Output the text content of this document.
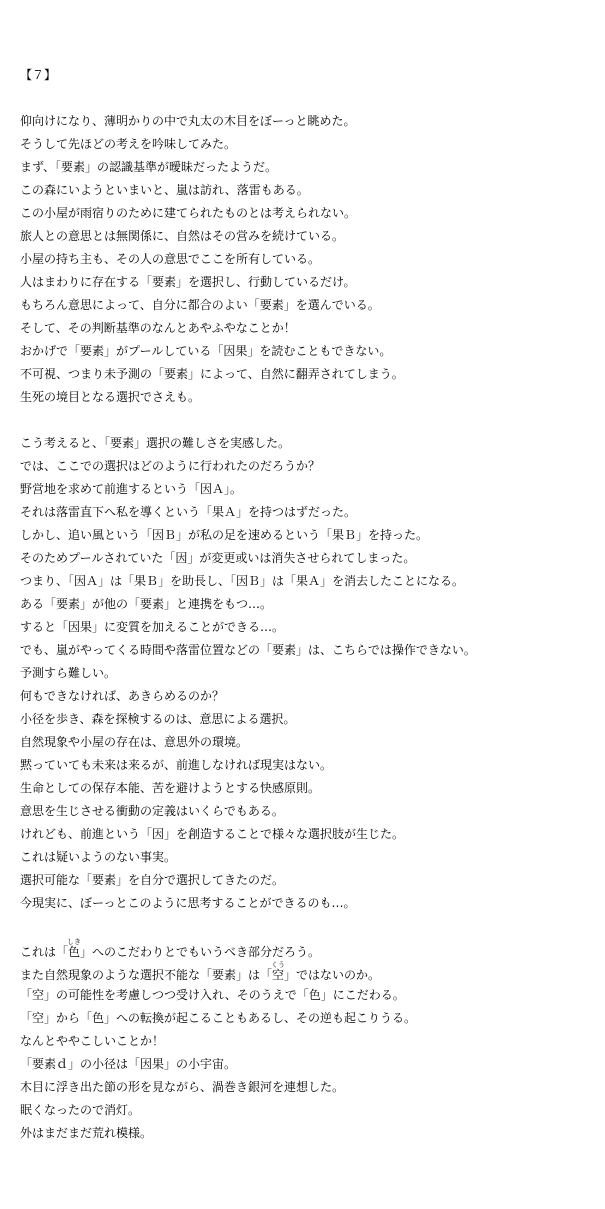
【７】
仰向けになり、薄明かりの中で丸太の木目をぼーっと眺めた。
そうして先ほどの考えを吟味してみた。
まず、「要素」の認識基準が曖昧だったようだ。
この森にいようといまいと、嵐は訪れ、落雷もある。
この小屋が雨宿りのために建てられたものとは考えられない。
旅人との意思とは無関係に、自然はその営みを続けている。
小屋の持ち主も、その人の意思でここを所有している。
人はまわりに存在する「要素」を選択し、行動しているだけ。
もちろん意思によって、自分に都合のよい「要素」を選んでいる。
そして、その判断基準のなんとあやふやなことか！
おかげで「要素」がプールしている「因果」を読むこともできない。
不可視、つまり未予測の「要素」によって、自然に翻弄されてしまう。
生死の境目となる選択でさえも。
こう考えると、「要素」選択の難しさを実感した。
では、ここでの選択はどのように行われたのだろうか？
野営地を求めて前進するという「因Ａ」。
それは落雷直下へ私を導くという「果Ａ」を持つはずだった。
しかし、追い風という「因Ｂ」が私の足を速めるという「果Ｂ」を持った。
そのためプールされていた「因」が変更或いは消失させられてしまった。
つまり、「因Ａ」は「果Ｂ」を助長し、「因Ｂ」は「果Ａ」を消去したことになる。
ある「要素」が他の「要素」と連携をもつ…。
すると「因果」に変質を加えることができる…。
でも、嵐がやってくる時間や落雷位置などの「要素」は、こちらでは操作できない。
予測すら難しい。
何もできなければ、あきらめるのか？
小径を歩き、森を探検するのは、意思による選択。
自然現象や小屋の存在は、意思外の環境。
黙っていても未来は来るが、前進しなければ現実はない。
生命としての保存本能、苦を避けようとする快感原則。
意思を生じさせる衝動の定義はいくらでもある。
けれども、前進という「因」を創造することで様々な選択肢が生じた。
これは疑いようのない事実。
選択可能な「要素」を自分で選択してきたのだ。
今現実に、ぼーっとこのように思考することができるのも…。
これは「色しき」へのこだわりとでもいうべき部分だろう。
また自然現象のような選択不能な「要素」は「空くう」ではないのか。
「空」の可能性を考慮しつつ受け入れ、そのうえで「色」にこだわる。
「空」から「色」への転換が起こることもあるし、その逆も起こりうる。
なんとややこしいことか！
「要素ｄ」の小径は「因果」の小宇宙。
木目に浮き出た節の形を見ながら、渦巻き銀河を連想した。
眠くなったので消灯。
外はまだまだ荒れ模様。
